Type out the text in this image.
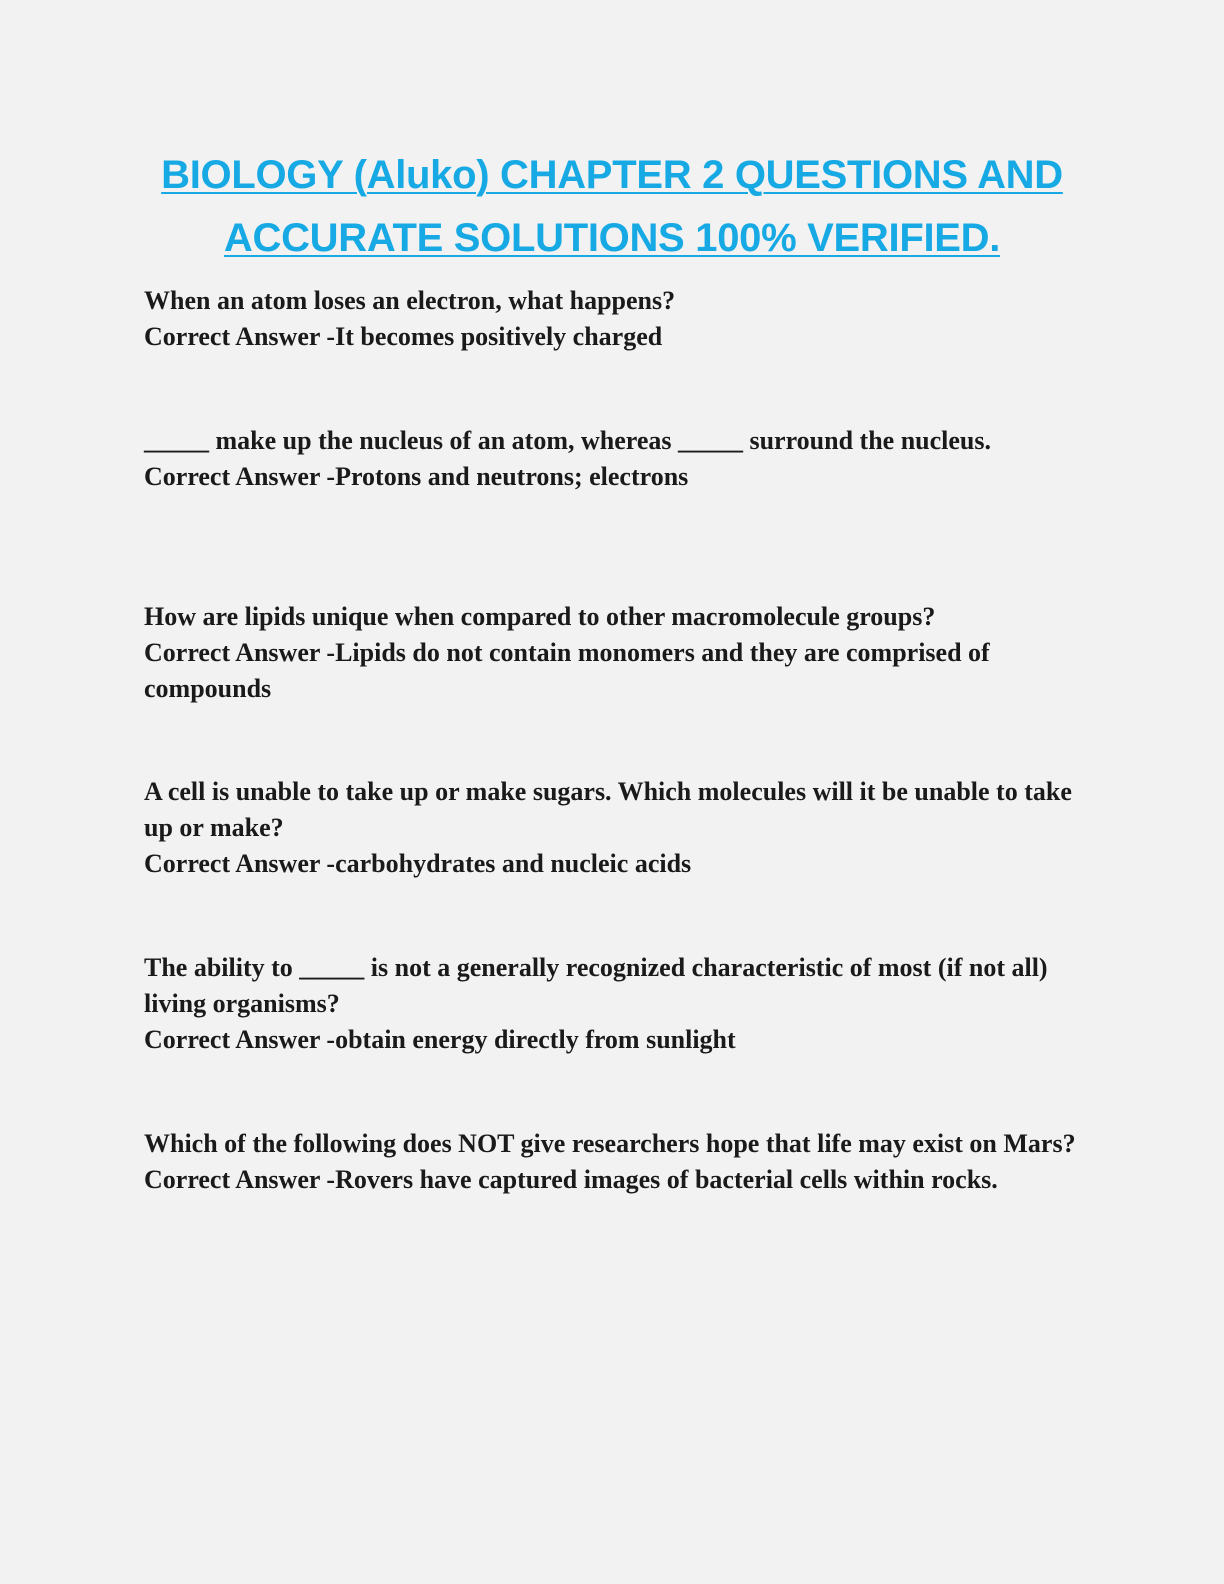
BIOLOGY (Aluko) CHAPTER 2 QUESTIONS AND
ACCURATE SOLUTIONS 100% VERIFIED.

When an atom loses an electron, what happens?

Correct Answer -It becomes positively charged

_____ make up the nucleus of an atom, whereas _____ surround the nucleus.

Correct Answer -Protons and neutrons; electrons

How are lipids unique when compared to other macromolecule groups?

Correct Answer -Lipids do not contain monomers and they are comprised of compounds

A cell is unable to take up or make sugars. Which molecules will it be unable to take up or make?

Correct Answer -carbohydrates and nucleic acids

The ability to _____ is not a generally recognized characteristic of most (if not all) living organisms?

Correct Answer -obtain energy directly from sunlight

Which of the following does NOT give researchers hope that life may exist on Mars?

Correct Answer -Rovers have captured images of bacterial cells within rocks.
